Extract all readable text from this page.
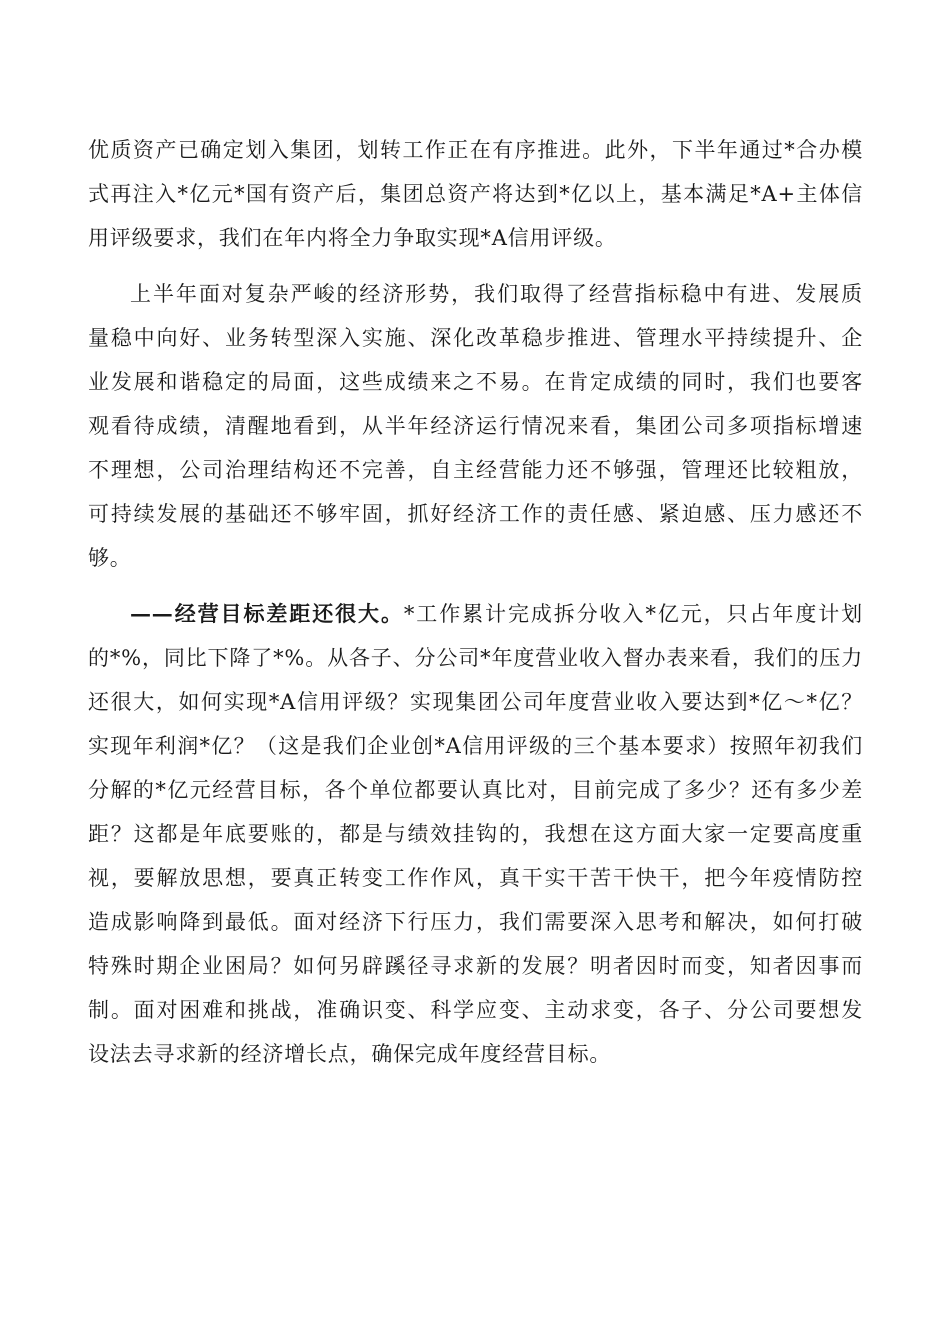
优质资产已确定划入集团，划转工作正在有序推进。此外，下半年通过*合办模
式再注入*亿元*国有资产后，集团总资产将达到*亿以上，基本满足*A+主体信
用评级要求，我们在年内将全力争取实现*A信用评级。
上半年面对复杂严峻的经济形势，我们取得了经营指标稳中有进、发展质
量稳中向好、业务转型深入实施、深化改革稳步推进、管理水平持续提升、企
业发展和谐稳定的局面，这些成绩来之不易。在肯定成绩的同时，我们也要客
观看待成绩，清醒地看到，从半年经济运行情况来看，集团公司多项指标增速
不理想，公司治理结构还不完善，自主经营能力还不够强，管理还比较粗放，
可持续发展的基础还不够牢固，抓好经济工作的责任感、紧迫感、压力感还不
够。
——经营目标差距还很大。*工作累计完成拆分收入*亿元，只占年度计划
的*%，同比下降了*%。从各子、分公司*年度营业收入督办表来看，我们的压力
还很大，如何实现*A信用评级？实现集团公司年度营业收入要达到*亿～*亿？
实现年利润*亿？（这是我们企业创*A信用评级的三个基本要求）按照年初我们
分解的*亿元经营目标，各个单位都要认真比对，目前完成了多少？还有多少差
距？这都是年底要账的，都是与绩效挂钩的，我想在这方面大家一定要高度重
视，要解放思想，要真正转变工作作风，真干实干苦干快干，把今年疫情防控
造成影响降到最低。面对经济下行压力，我们需要深入思考和解决，如何打破
特殊时期企业困局？如何另辟蹊径寻求新的发展？明者因时而变，知者因事而
制。面对困难和挑战，准确识变、科学应变、主动求变，各子、分公司要想发
设法去寻求新的经济增长点，确保完成年度经营目标。
